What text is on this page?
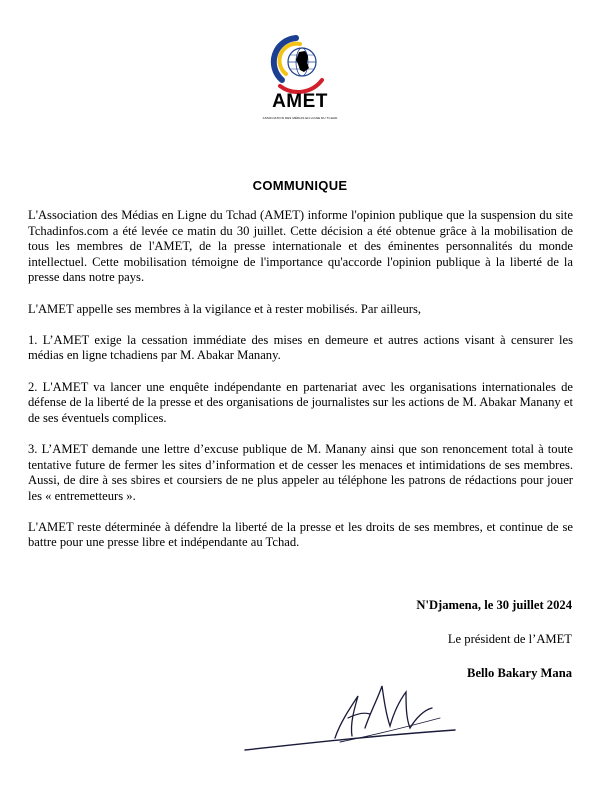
AMET
ASSOCIATION DES MÉDIAS EN LIGNE DU TCHAD
COMMUNIQUE

L'Association des Médias en Ligne du Tchad (AMET) informe l'opinion publique que la suspension du site Tchadinfos.com a été levée ce matin du 30 juillet. Cette décision a été obtenue grâce à la mobilisation de tous les membres de l'AMET, de la presse internationale et des éminentes personnalités du monde intellectuel. Cette mobilisation témoigne de l'importance qu'accorde l'opinion publique à la liberté de la presse dans notre pays.

L'AMET appelle ses membres à la vigilance et à rester mobilisés. Par ailleurs,

1. L’AMET exige la cessation immédiate des mises en demeure et autres actions visant à censurer les médias en ligne tchadiens par M. Abakar Manany.

2. L'AMET va lancer une enquête indépendante en partenariat avec les organisations internationales de défense de la liberté de la presse et des organisations de journalistes sur les actions de M. Abakar Manany et de ses éventuels complices.

3. L’AMET demande une lettre d’excuse publique de M. Manany ainsi que son renoncement total à toute tentative future de fermer les sites d’information et de cesser les menaces et intimidations de ses membres. Aussi, de dire à ses sbires et coursiers de ne plus appeler au téléphone les patrons de rédactions pour jouer les « entremetteurs ».

L'AMET reste déterminée à défendre la liberté de la presse et les droits de ses membres, et continue de se battre pour une presse libre et indépendante au Tchad.

N'Djamena, le 30 juillet 2024
Le président de l’AMET
Bello Bakary Mana
